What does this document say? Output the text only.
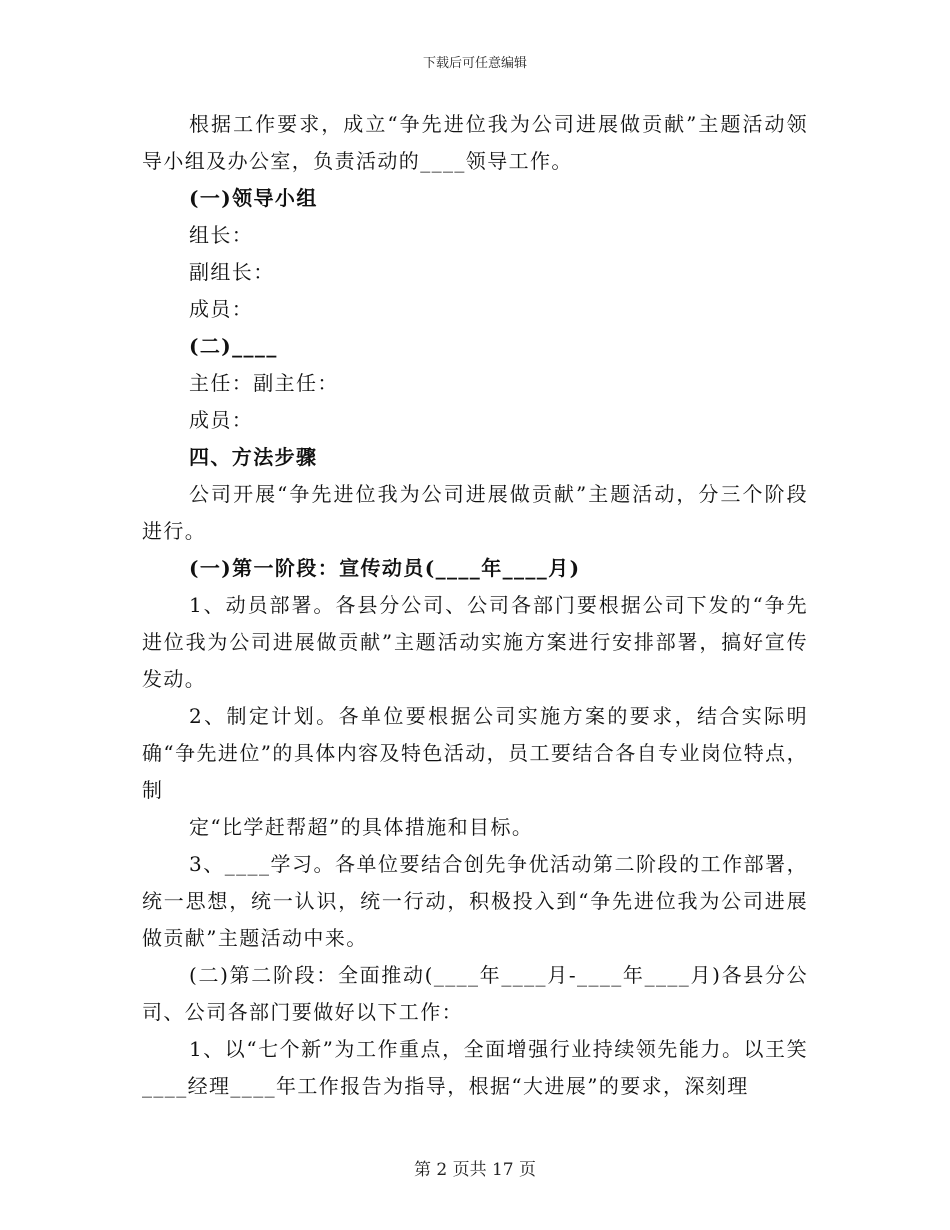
下载后可任意编辑

根据工作要求，成立“争先进位我为公司进展做贡献”主题活动领导小组及办公室，负责活动的____领导工作。

(一)领导小组

组长：

副组长：

成员：

(二)____

主任：副主任：

成员：

四、方法步骤

公司开展“争先进位我为公司进展做贡献”主题活动，分三个阶段进行。

(一)第一阶段：宣传动员(____年____月)

1、动员部署。各县分公司、公司各部门要根据公司下发的“争先进位我为公司进展做贡献”主题活动实施方案进行安排部署，搞好宣传发动。

2、制定计划。各单位要根据公司实施方案的要求，结合实际明确“争先进位”的具体内容及特色活动，员工要结合各自专业岗位特点，制

定“比学赶帮超”的具体措施和目标。

3、____学习。各单位要结合创先争优活动第二阶段的工作部署，统一思想，统一认识，统一行动，积极投入到“争先进位我为公司进展做贡献”主题活动中来。

(二)第二阶段：全面推动(____年____月-____年____月)各县分公司、公司各部门要做好以下工作：

1、以“七个新”为工作重点，全面增强行业持续领先能力。以王笑____经理____年工作报告为指导，根据“大进展”的要求，深刻理

第 2 页共 17 页
